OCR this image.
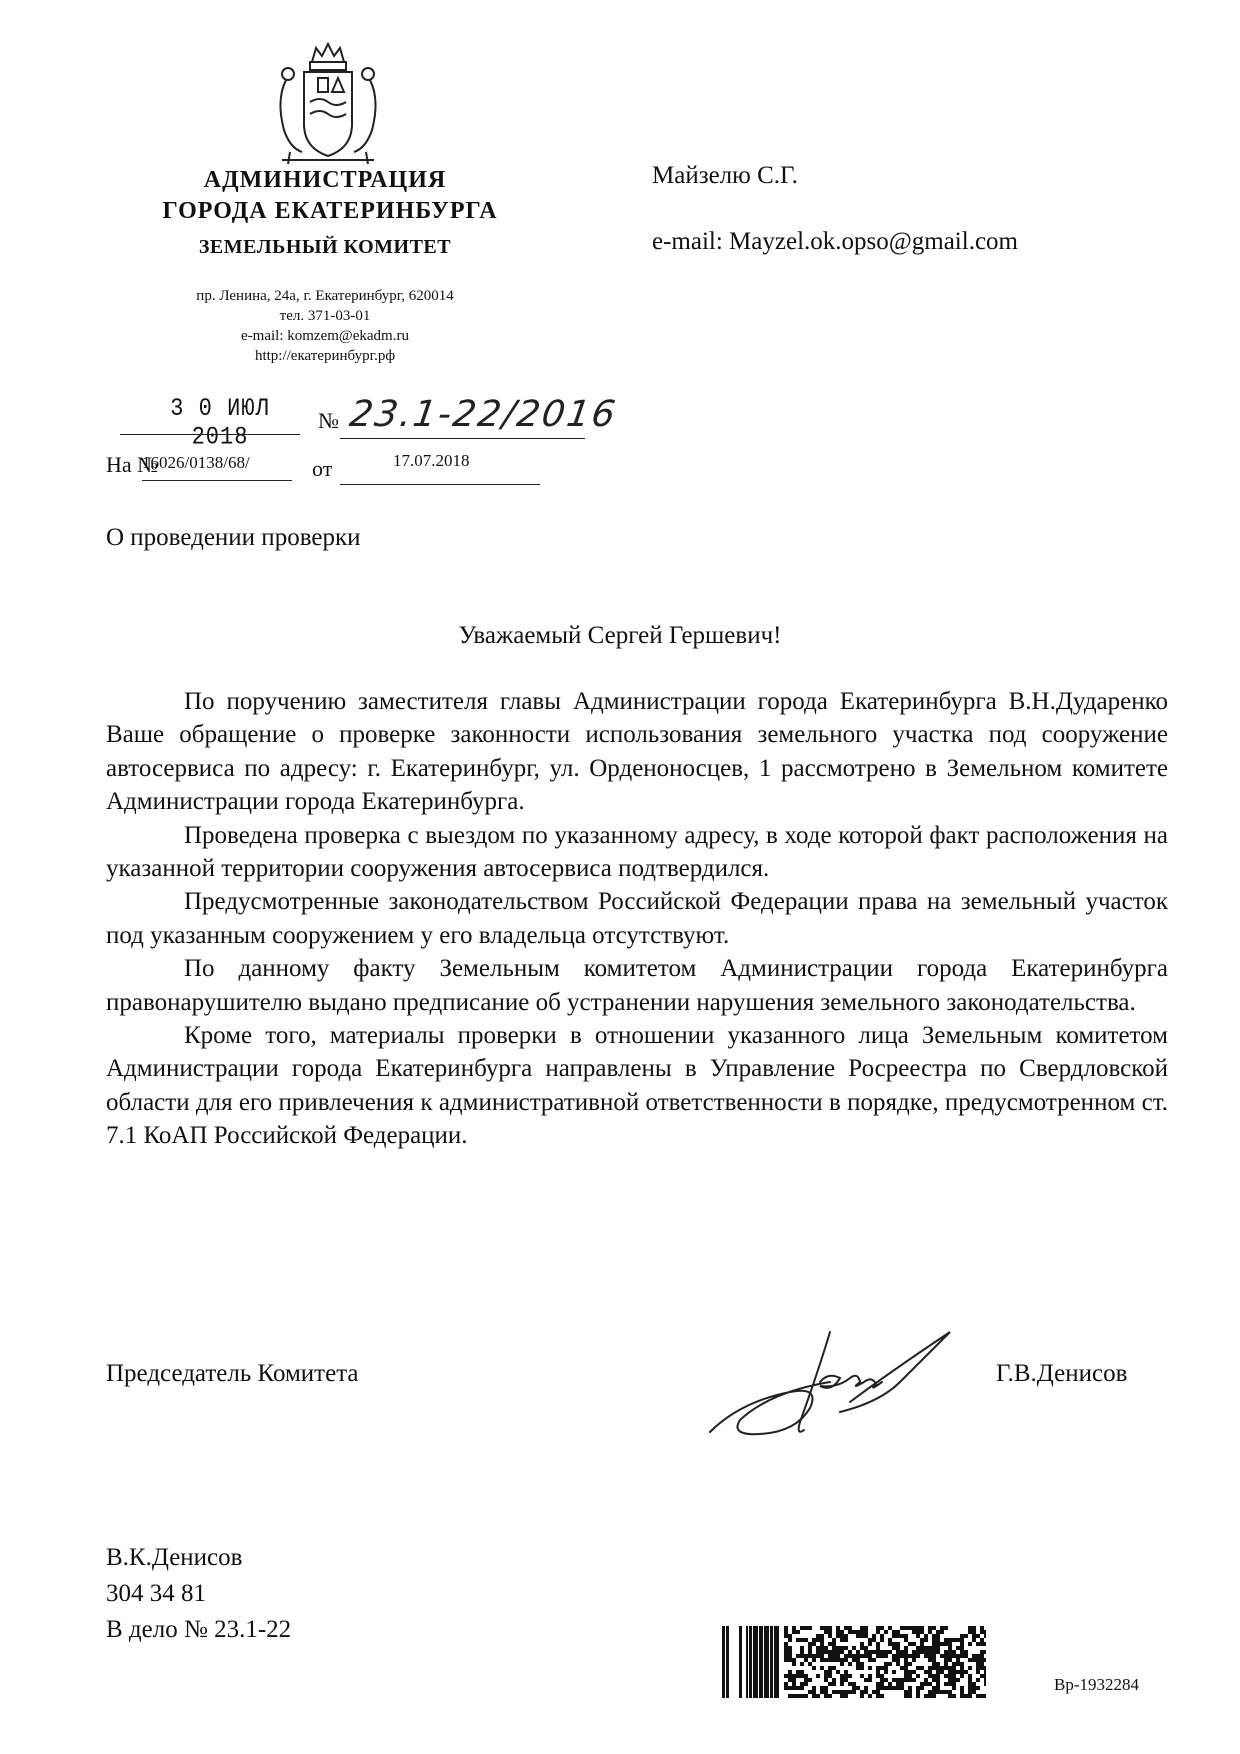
АДМИНИСТРАЦИЯ
ГОРОДА ЕКАТЕРИНБУРГА
ЗЕМЕЛЬНЫЙ КОМИТЕТ
пр. Ленина, 24а, г. Екатеринбург, 620014
тел. 371-03-01
e-mail: komzem@ekadm.ru
http://екатеринбург.рф
3 0 ИЮЛ 2018
№ 23.1-22/2016
На №
16026/0138/68/	от	17.07.2018
Майзелю С.Г.
e-mail: Mayzel.ok.opso@gmail.com
О проведении проверки
Уважаемый Сергей Гершевич!

По поручению заместителя главы Администрации города Екатеринбурга В.Н.Дударенко Ваше обращение о проверке законности использования земельного участка под сооружение автосервиса по адресу: г. Екатеринбург, ул. Орденоносцев, 1 рассмотрено в Земельном комитете Администрации города Екатеринбурга.

Проведена проверка с выездом по указанному адресу, в ходе которой факт расположения на указанной территории сооружения автосервиса подтвердился.

Предусмотренные законодательством Российской Федерации права на земельный участок под указанным сооружением у его владельца отсутствуют.

По данному факту Земельным комитетом Администрации города Екатеринбурга правонарушителю выдано предписание об устранении нарушения земельного законодательства.

Кроме того, материалы проверки в отношении указанного лица Земельным комитетом Администрации города Екатеринбурга направлены в Управление Росреестра по Свердловской области для его привлечения к административной ответственности в порядке, предусмотренном ст. 7.1 КоАП Российской Федерации.

Председатель Комитета	Г.В.Денисов
В.К.Денисов
304 34 81
В дело № 23.1-22
Вр-1932284
